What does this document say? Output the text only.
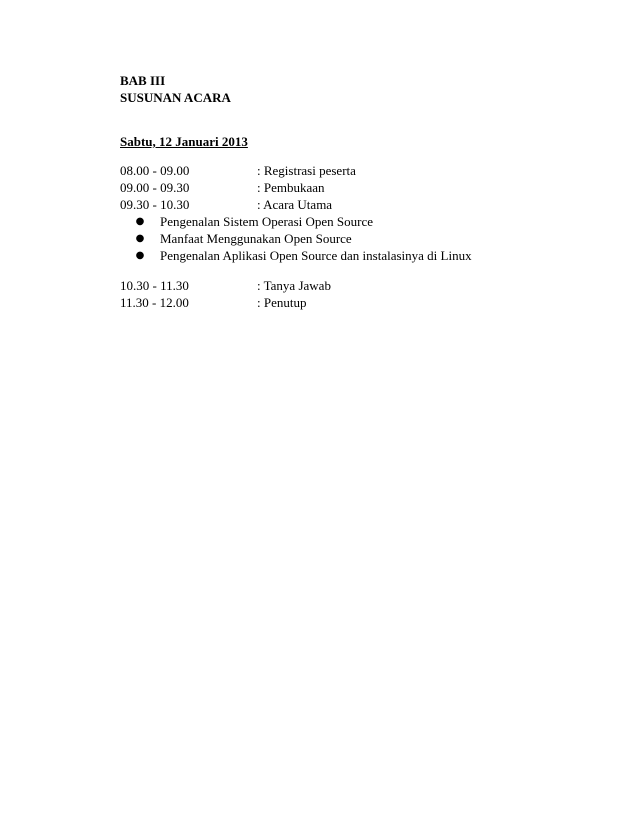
BAB III
SUSUNAN ACARA
Sabtu, 12 Januari 2013
08.00 - 09.00	: Registrasi peserta
09.00 - 09.30	: Pembukaan
09.30 - 10.30	: Acara Utama
●	Pengenalan Sistem Operasi Open Source
●	Manfaat Menggunakan Open Source
●	Pengenalan Aplikasi Open Source dan instalasinya di Linux
10.30 - 11.30	: Tanya Jawab
11.30 - 12.00	: Penutup
